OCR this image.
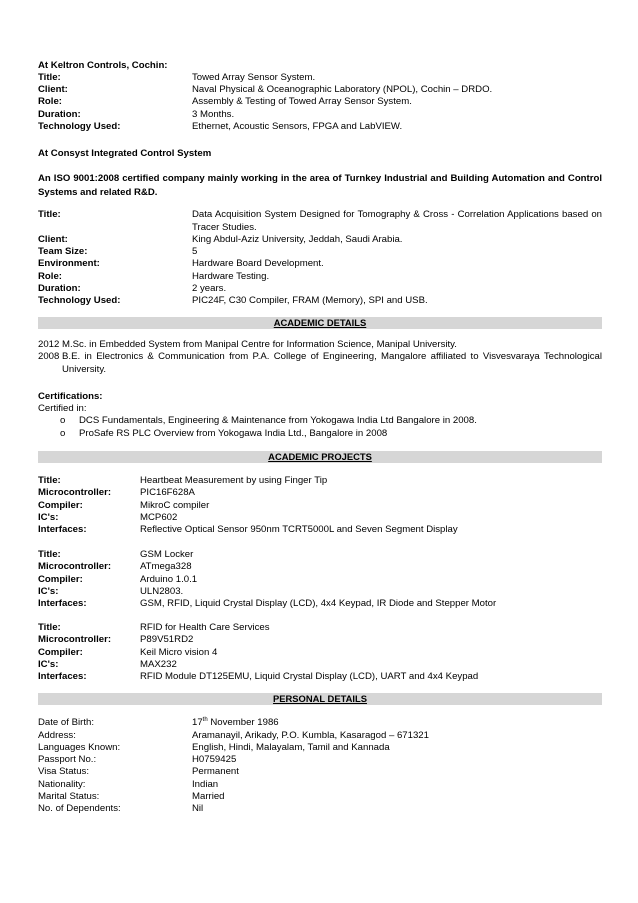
At Keltron Controls, Cochin:
Title:	Towed Array Sensor System.
Client:	Naval Physical & Oceanographic Laboratory (NPOL), Cochin – DRDO.
Role:	Assembly & Testing of Towed Array Sensor System.
Duration:	3 Months.
Technology Used:	Ethernet, Acoustic Sensors, FPGA and LabVIEW.
At Consyst Integrated Control System
An ISO 9001:2008 certified company mainly working in the area of Turnkey Industrial and Building Automation and Control Systems and related R&D.
Title:	Data Acquisition System Designed for Tomography & Cross - Correlation Applications based on Tracer Studies.
Client:	King Abdul-Aziz University, Jeddah, Saudi Arabia.
Team Size:	5
Environment:	Hardware Board Development.
Role:	Hardware Testing.
Duration:	2 years.
Technology Used:	PIC24F, C30 Compiler, FRAM (Memory), SPI and USB.
ACADEMIC DETAILS
2012 M.Sc. in Embedded System from Manipal Centre for Information Science, Manipal University.
2008 B.E. in Electronics & Communication from P.A. College of Engineering, Mangalore affiliated to Visvesvaraya Technological University.
Certifications:
Certified in:
o DCS Fundamentals, Engineering & Maintenance from Yokogawa India Ltd Bangalore in 2008.
o ProSafe RS PLC Overview from Yokogawa India Ltd., Bangalore in 2008
ACADEMIC PROJECTS
Title:	Heartbeat Measurement by using Finger Tip
Microcontroller:	PIC16F628A
Compiler:	MikroC compiler
IC's:	MCP602
Interfaces:	Reflective Optical Sensor 950nm TCRT5000L and Seven Segment Display
Title:	GSM Locker
Microcontroller:	ATmega328
Compiler:	Arduino 1.0.1
IC's:	ULN2803.
Interfaces:	GSM, RFID, Liquid Crystal Display (LCD), 4x4 Keypad, IR Diode and Stepper Motor
Title:	RFID for Health Care Services
Microcontroller:	P89V51RD2
Compiler:	Keil Micro vision 4
IC's:	MAX232
Interfaces:	RFID Module DT125EMU, Liquid Crystal Display (LCD), UART and 4x4 Keypad
PERSONAL DETAILS
Date of Birth:	17th November 1986
Address:	Aramanayil, Arikady, P.O. Kumbla, Kasaragod – 671321
Languages Known:	English, Hindi, Malayalam, Tamil and Kannada
Passport No.:	H0759425
Visa Status:	Permanent
Nationality:	Indian
Marital Status:	Married
No. of Dependents:	Nil
